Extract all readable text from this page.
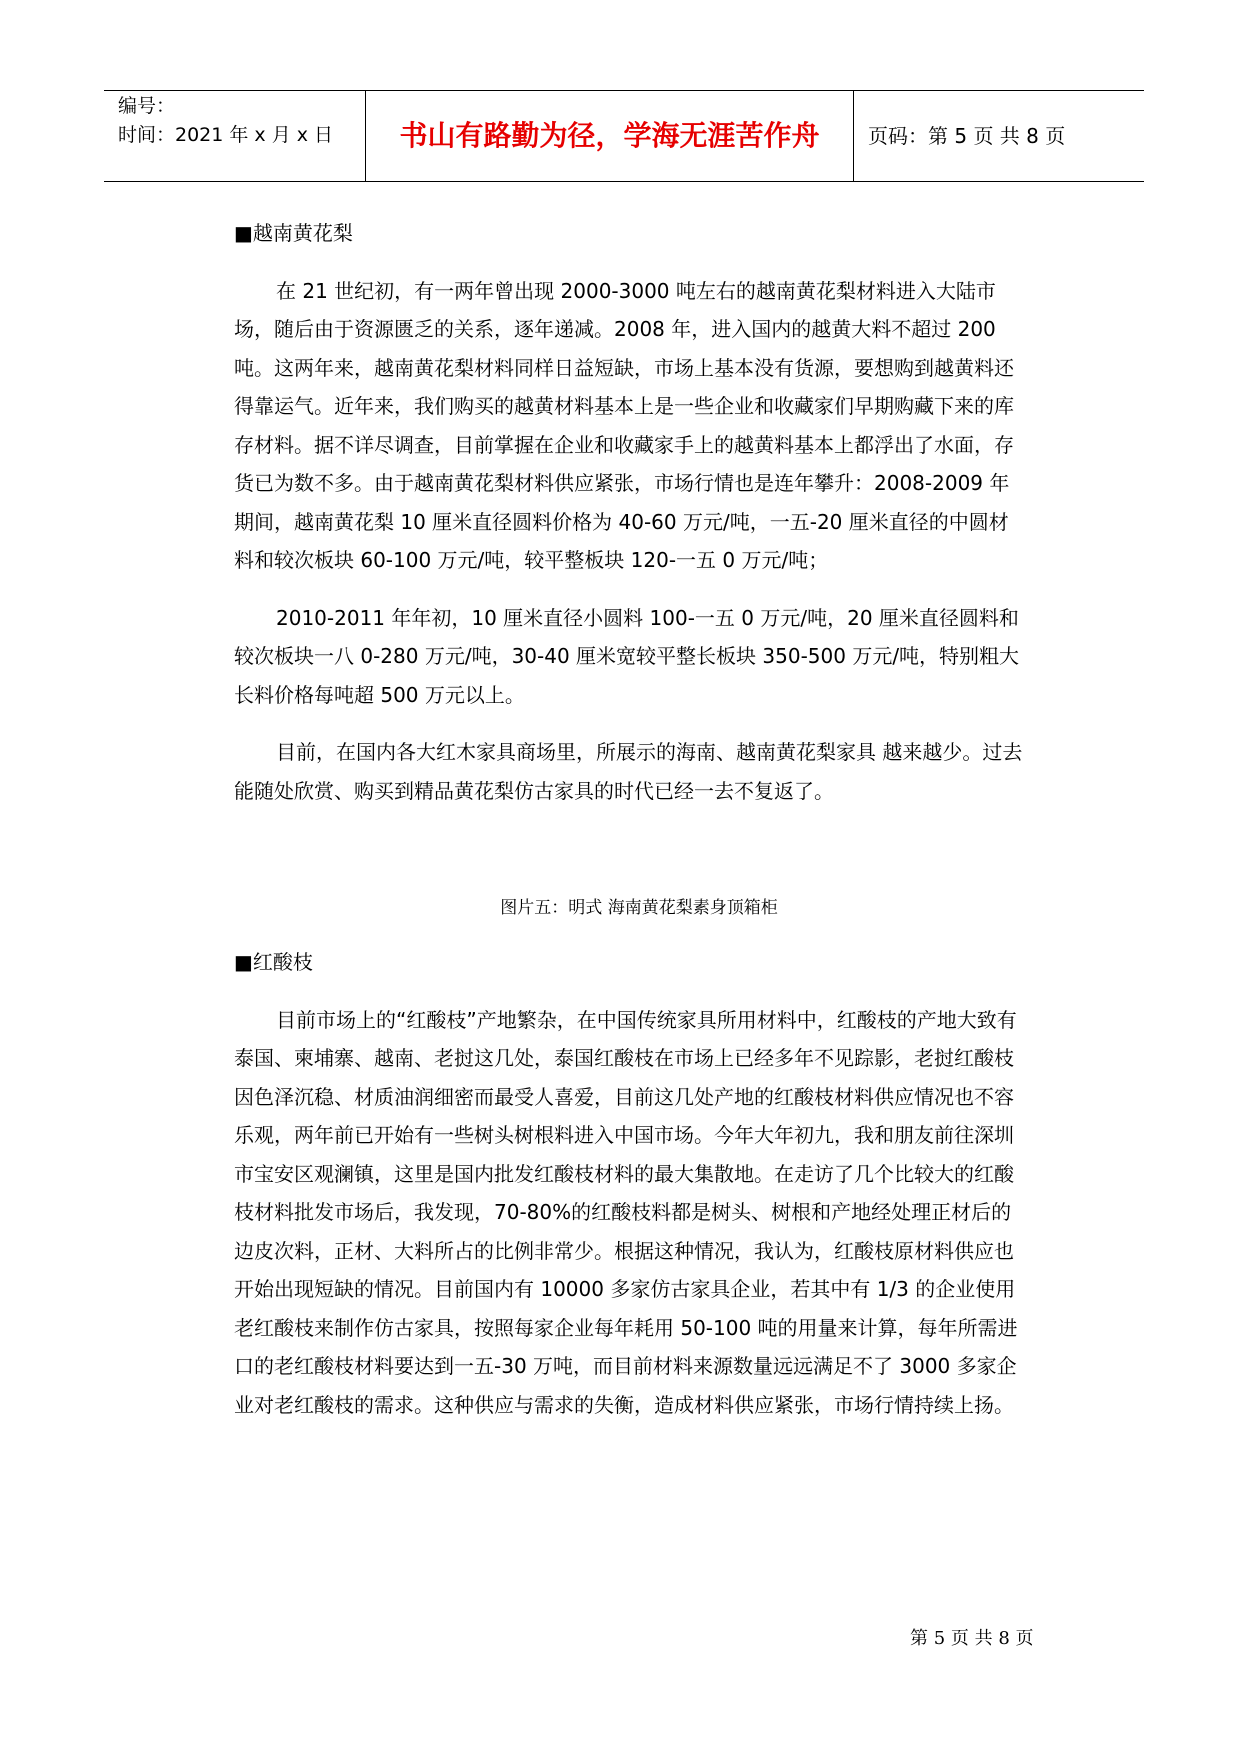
编号：
时间：2021 年 x 月 x 日	书山有路勤为径，学海无涯苦作舟	页码：第 5 页 共 8 页

■越南黄花梨

在 21 世纪初，有一两年曾出现 2000-3000 吨左右的越南黄花梨材料进入大陆市场，随后由于资源匮乏的关系，逐年递减。2008 年，进入国内的越黄大料不超过 200 吨。这两年来，越南黄花梨材料同样日益短缺，市场上基本没有货源，要想购到越黄料还得靠运气。近年来，我们购买的越黄材料基本上是一些企业和收藏家们早期购藏下来的库存材料。据不详尽调查，目前掌握在企业和收藏家手上的越黄料基本上都浮出了水面，存货已为数不多。由于越南黄花梨材料供应紧张，市场行情也是连年攀升：2008-2009 年期间，越南黄花梨 10 厘米直径圆料价格为 40-60 万元/吨，一五-20 厘米直径的中圆材料和较次板块 60-100 万元/吨，较平整板块 120-一五 0 万元/吨；

2010-2011 年年初，10 厘米直径小圆料 100-一五 0 万元/吨，20 厘米直径圆料和较次板块一八 0-280 万元/吨，30-40 厘米宽较平整长板块 350-500 万元/吨，特别粗大长料价格每吨超 500 万元以上。

目前，在国内各大红木家具商场里，所展示的海南、越南黄花梨家具 越来越少。过去能随处欣赏、购买到精品黄花梨仿古家具的时代已经一去不复返了。

图片五：明式 海南黄花梨素身顶箱柜

■红酸枝

目前市场上的“红酸枝”产地繁杂，在中国传统家具所用材料中，红酸枝的产地大致有泰国、柬埔寨、越南、老挝这几处，泰国红酸枝在市场上已经多年不见踪影，老挝红酸枝因色泽沉稳、材质油润细密而最受人喜爱，目前这几处产地的红酸枝材料供应情况也不容乐观，两年前已开始有一些树头树根料进入中国市场。今年大年初九，我和朋友前往深圳市宝安区观澜镇，这里是国内批发红酸枝材料的最大集散地。在走访了几个比较大的红酸枝材料批发市场后，我发现，70-80%的红酸枝料都是树头、树根和产地经处理正材后的边皮次料，正材、大料所占的比例非常少。根据这种情况，我认为，红酸枝原材料供应也开始出现短缺的情况。目前国内有 10000 多家仿古家具企业，若其中有 1/3 的企业使用老红酸枝来制作仿古家具，按照每家企业每年耗用 50-100 吨的用量来计算，每年所需进口的老红酸枝材料要达到一五-30 万吨，而目前材料来源数量远远满足不了 3000 多家企业对老红酸枝的需求。这种供应与需求的失衡，造成材料供应紧张，市场行情持续上扬。

第 5 页 共 8 页
